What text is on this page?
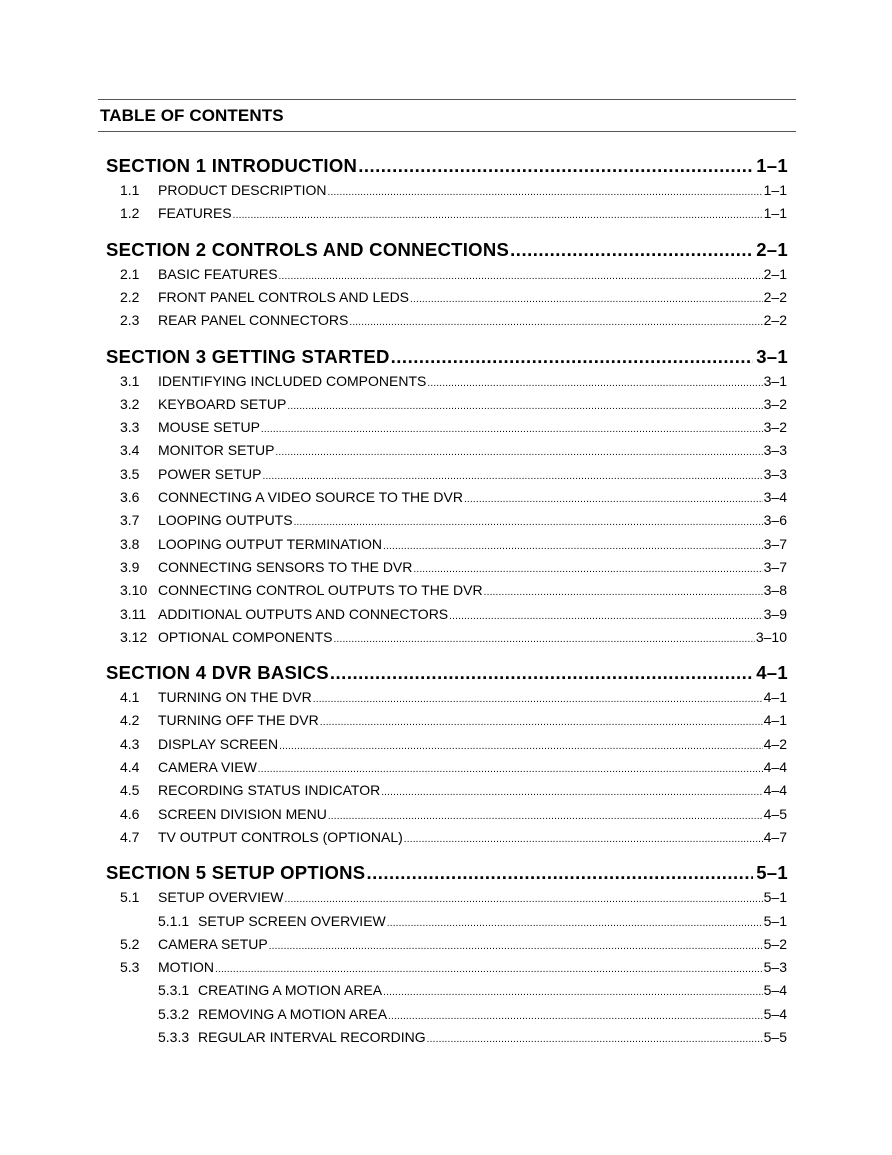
TABLE OF CONTENTS
SECTION 1 INTRODUCTION .....	1–1
1.1	PRODUCT DESCRIPTION .....	1–1
1.2	FEATURES .....	1–1
SECTION 2 CONTROLS AND CONNECTIONS .....	2–1
2.1	BASIC FEATURES .....	2–1
2.2	FRONT PANEL CONTROLS AND LEDS .....	2–2
2.3	REAR PANEL CONNECTORS .....	2–2
SECTION 3 GETTING STARTED .....	3–1
3.1	IDENTIFYING INCLUDED COMPONENTS .....	3–1
3.2	KEYBOARD SETUP .....	3–2
3.3	MOUSE SETUP .....	3–2
3.4	MONITOR SETUP .....	3–3
3.5	POWER SETUP .....	3–3
3.6	CONNECTING A VIDEO SOURCE TO THE DVR .....	3–4
3.7	LOOPING OUTPUTS .....	3–6
3.8	LOOPING OUTPUT TERMINATION .....	3–7
3.9	CONNECTING SENSORS TO THE DVR .....	3–7
3.10 CONNECTING CONTROL OUTPUTS TO THE DVR .....	3–8
3.11 ADDITIONAL OUTPUTS AND CONNECTORS .....	3–9
3.12 OPTIONAL COMPONENTS .....	3–10
SECTION 4 DVR BASICS .....	4–1
4.1	TURNING ON THE DVR .....	4–1
4.2	TURNING OFF THE DVR .....	4–1
4.3	DISPLAY SCREEN .....	4–2
4.4	CAMERA VIEW .....	4–4
4.5	RECORDING STATUS INDICATOR .....	4–4
4.6	SCREEN DIVISION MENU .....	4–5
4.7	TV OUTPUT CONTROLS (OPTIONAL) .....	4–7
SECTION 5 SETUP OPTIONS .....	5–1
5.1	SETUP OVERVIEW .....	5–1
5.1.1 SETUP SCREEN OVERVIEW .....	5–1
5.2	CAMERA SETUP .....	5–2
5.3	MOTION .....	5–3
5.3.1 CREATING A MOTION AREA .....	5–4
5.3.2 REMOVING A MOTION AREA .....	5–4
5.3.3 REGULAR INTERVAL RECORDING .....	5–5
